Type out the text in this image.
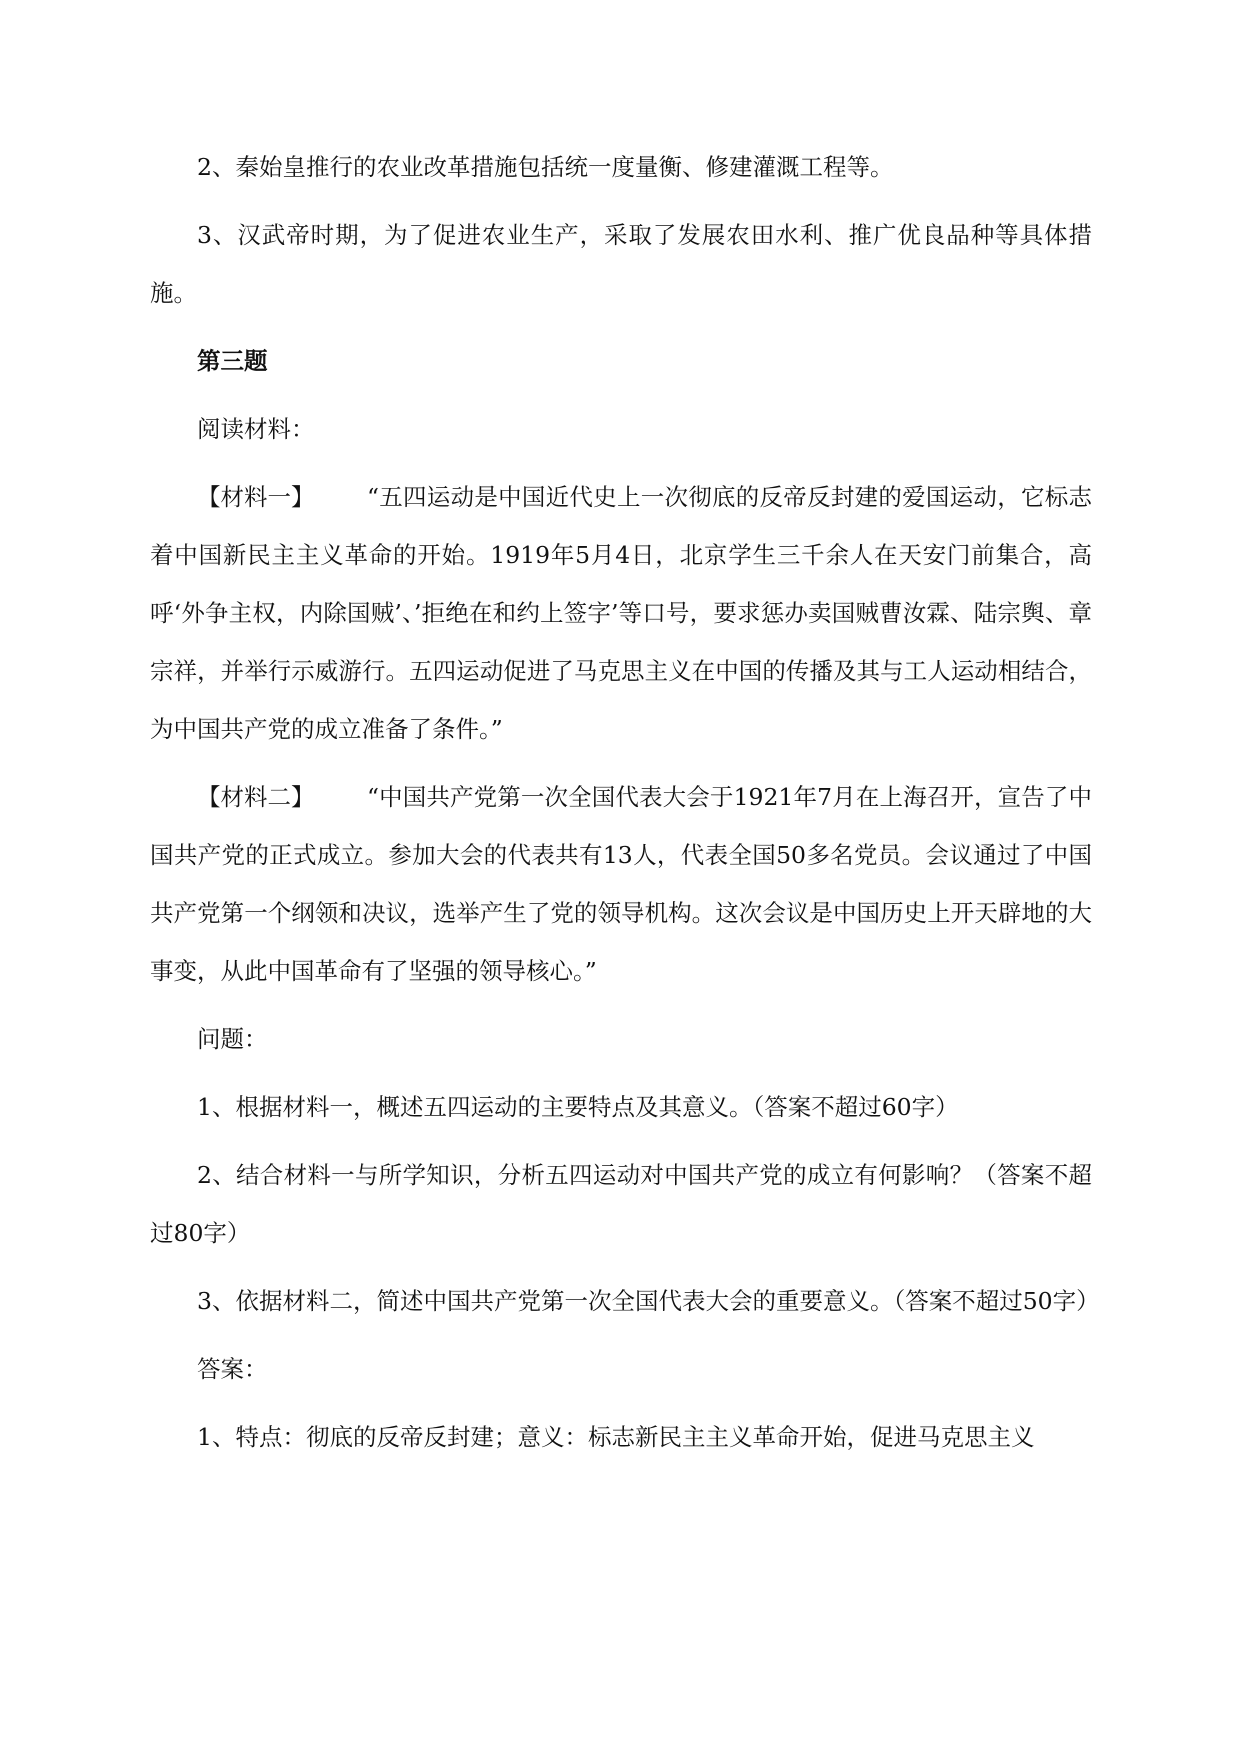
2、秦始皇推行的农业改革措施包括统一度量衡、修建灌溉工程等。

3、汉武帝时期，为了促进农业生产，采取了发展农田水利、推广优良品种等具体措施。

第三题

阅读材料：

【材料一】 “五四运动是中国近代史上一次彻底的反帝反封建的爱国运动，它标志着中国新民主主义革命的开始。1919年5月4日，北京学生三千余人在天安门前集合，高呼‘外争主权，内除国贼’、’拒绝在和约上签字’等口号，要求惩办卖国贼曹汝霖、陆宗舆、章宗祥，并举行示威游行。五四运动促进了马克思主义在中国的传播及其与工人运动相结合，为中国共产党的成立准备了条件。”

【材料二】 “中国共产党第一次全国代表大会于1921年7月在上海召开，宣告了中国共产党的正式成立。参加大会的代表共有13人，代表全国50多名党员。会议通过了中国共产党第一个纲领和决议，选举产生了党的领导机构。这次会议是中国历史上开天辟地的大事变，从此中国革命有了坚强的领导核心。”

问题：

1、根据材料一，概述五四运动的主要特点及其意义。（答案不超过60字）

2、结合材料一与所学知识，分析五四运动对中国共产党的成立有何影响？（答案不超过80字）

3、依据材料二，简述中国共产党第一次全国代表大会的重要意义。（答案不超过50字）

答案：

1、特点：彻底的反帝反封建；意义：标志新民主主义革命开始，促进马克思主义
